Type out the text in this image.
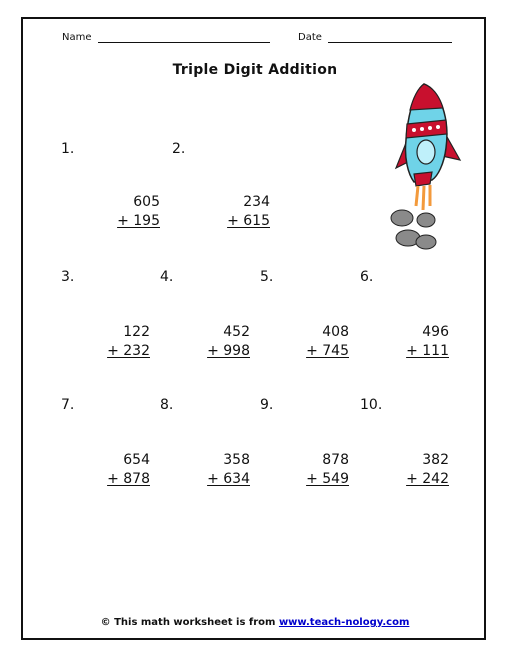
Name	Date
Triple Digit Addition
1.	2.
605
+ 195
234
+ 615
3.	4.	5.	6.
122
+ 232
452
+ 998
408
+ 745
496
+ 111
7.	8.	9.	10.
654
+ 878
358
+ 634
878
+ 549
382
+ 242
© This math worksheet is from www.teach-nology.com
